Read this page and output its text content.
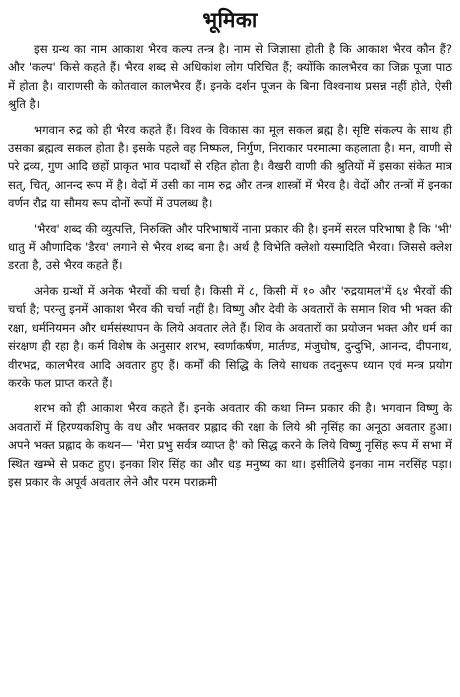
भूमिका

इस ग्रन्थ का नाम आकाश भैरव कल्प तन्त्र है। नाम से जिज्ञासा होती है कि आकाश भैरव कौन हैं? और 'कल्प' किसे कहते हैं। भैरव शब्द से अधिकांश लोग परिचित हैं; क्योंकि कालभैरव का जिक्र पूजा पाठ में होता है। वाराणसी के कोतवाल कालभैरव हैं। इनके दर्शन पूजन के बिना विश्वनाथ प्रसन्न नहीं होते, ऐसी श्रुति है।

भगवान रुद्र को ही भैरव कहते हैं। विश्व के विकास का मूल सकल ब्रह्म है। सृष्टि संकल्प के साथ ही उसका ब्रह्मत्व सकल होता है। इसके पहले वह निष्फल, निर्गुण, निराकार परमात्मा कहलाता है। मन, वाणी से परे द्रव्य, गुण आदि छहों प्राकृत भाव पदार्थों से रहित होता है। वैखरी वाणी की श्रुतियों में इसका संकेत मात्र सत्, चित्, आनन्द रूप में है। वेदों में उसी का नाम रुद्र और तन्त्र शास्त्रों में भैरव है। वेदों और तन्त्रों में इनका वर्णन रौद्र या सौमय रूप दोनों रूपों में उपलब्ध है।

'भैरव' शब्द की व्युत्पत्ति, निरुक्ति और परिभाषायें नाना प्रकार की है। इनमें सरल परिभाषा है कि 'भी' धातु में औणादिक 'डैरव' लगाने से भैरव शब्द बना है। अर्थ है विभेति क्लेशो यस्मादिति भैरवा। जिससे क्लेश डरता है, उसे भैरव कहते हैं।

अनेक ग्रन्थों में अनेक भैरवों की चर्चा है। किसी में ८, किसी में १० और 'रुद्रयामल'में ६४ भैरवों की चर्चा है; परन्तु इनमें आकाश भैरव की चर्चा नहीं है। विष्णु और देवी के अवतारों के समान शिव भी भक्त की रक्षा, धर्मनियमन और धर्मसंस्थापन के लिये अवतार लेते हैं। शिव के अवतारों का प्रयोजन भक्त और धर्म का संरक्षण ही रहा है। कर्म विशेष के अनुसार शरभ, स्वर्णाकर्षण, मार्तण्ड, मंजुघोष, दुन्दुभि, आनन्द, दीपनाथ, वीरभद्र, कालभैरव आदि अवतार हुए हैं। कर्मों की सिद्धि के लिये साधक तदनुरूप ध्यान एवं मन्त्र प्रयोग करके फल प्राप्त करते हैं।

शरभ को ही आकाश भैरव कहते हैं। इनके अवतार की कथा निम्न प्रकार की है। भगवान विष्णु के अवतारों में हिरण्यकशिपु के वध और भक्तवर प्रह्लाद की रक्षा के लिये श्री नृसिंह का अनूठा अवतार हुआ। अपने भक्त प्रह्लाद के कथन— 'मेरा प्रभु सर्वत्र व्याप्त है' को सिद्ध करने के लिये विष्णु नृसिंह रूप में सभा में स्थित खम्भे से प्रकट हुए। इनका शिर सिंह का और धड़ मनुष्य का था। इसीलिये इनका नाम नरसिंह पड़ा। इस प्रकार के अपूर्व अवतार लेने और परम पराक्रमी
